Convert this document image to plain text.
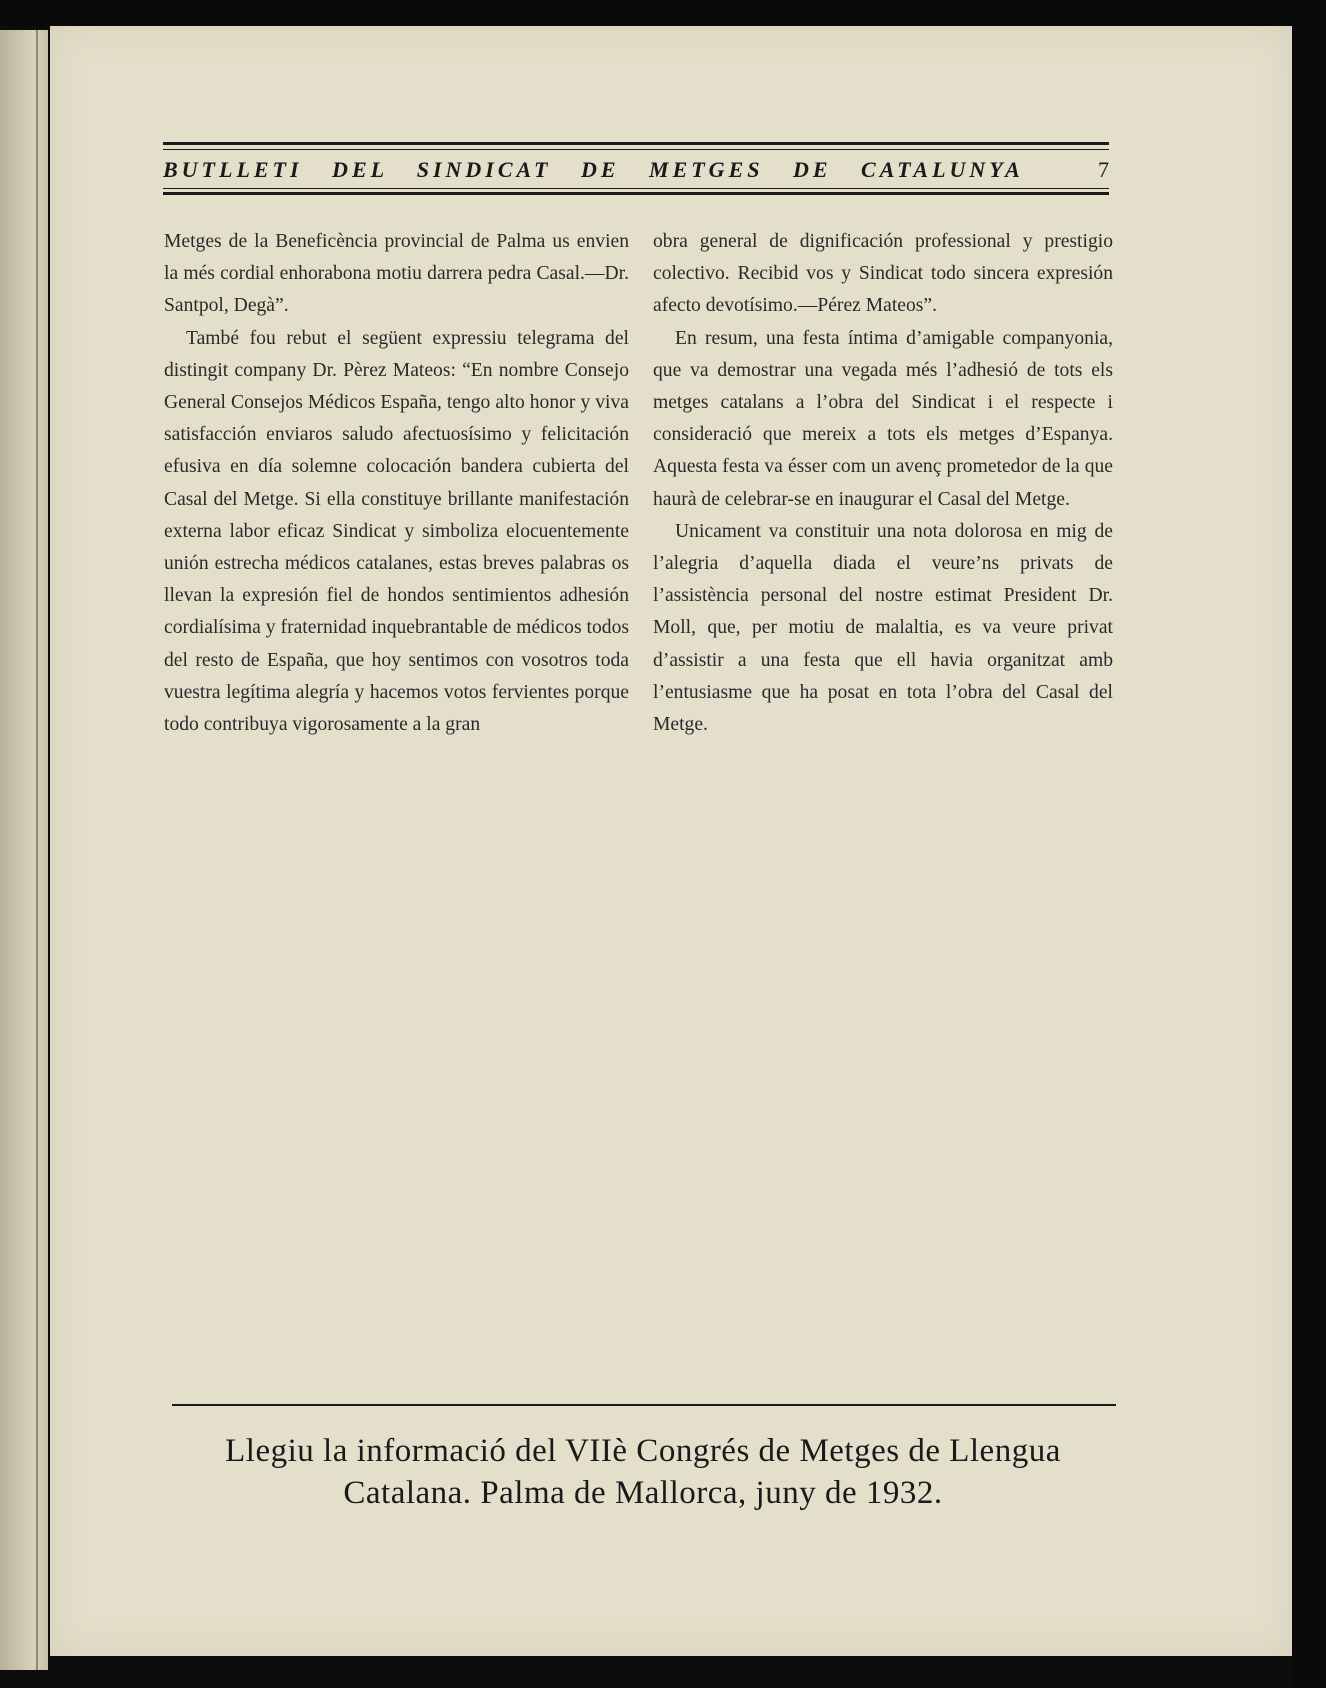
BUTLLETI DEL SINDICAT DE METGES DE CATALUNYA	7

Metges de la Beneficència provincial de Palma us envien la més cordial enhorabona motiu darrera pedra Casal.—Dr. Santpol, Degà”.

També fou rebut el següent expressiu telegrama del distingit company Dr. Pèrez Mateos: “En nombre Consejo General Consejos Médicos España, tengo alto honor y viva satisfacción enviaros saludo afectuosísimo y felicitación efusiva en día solemne colocación bandera cubierta del Casal del Metge. Si ella constituye brillante manifestación externa labor eficaz Sindicat y simboliza elocuentemente unión estrecha médicos catalanes, estas breves palabras os llevan la expresión fiel de hondos sentimientos adhesión cordialísima y fraternidad inquebrantable de médicos todos del resto de España, que hoy sentimos con vosotros toda vuestra legítima alegría y hacemos votos fervientes porque todo contribuya vigorosamente a la gran

obra general de dignificación professional y prestigio colectivo. Recibid vos y Sindicat todo sincera expresión afecto devotísimo.—Pérez Mateos”.

En resum, una festa íntima d’amigable companyonia, que va demostrar una vegada més l’adhesió de tots els metges catalans a l’obra del Sindicat i el respecte i consideració que mereix a tots els metges d’Espanya. Aquesta festa va ésser com un avenç prometedor de la que haurà de celebrar-se en inaugurar el Casal del Metge.

Unicament va constituir una nota dolorosa en mig de l’alegria d’aquella diada el veure’ns privats de l’assistència personal del nostre estimat President Dr. Moll, que, per motiu de malaltia, es va veure privat d’assistir a una festa que ell havia organitzat amb l’entusiasme que ha posat en tota l’obra del Casal del Metge.

Llegiu la informació del VIIè Congrés de Metges de Llengua
Catalana. Palma de Mallorca, juny de 1932.
